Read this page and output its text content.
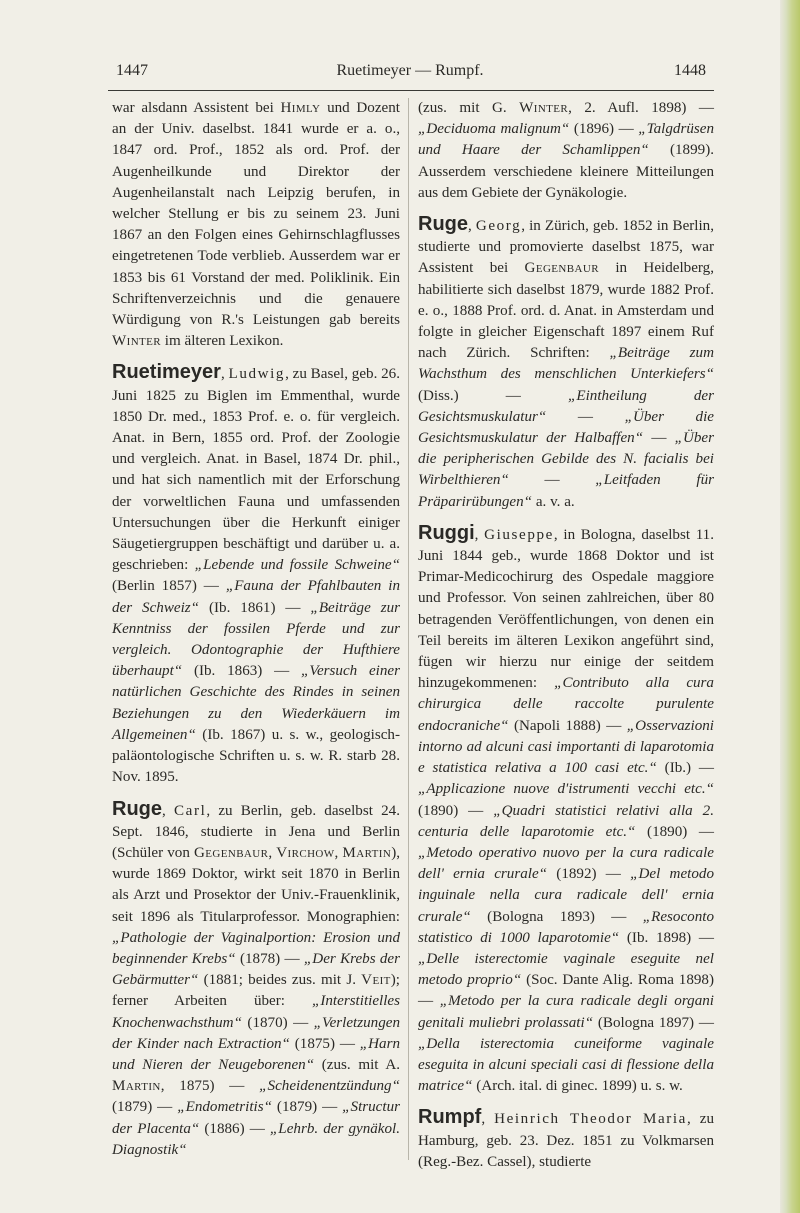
1447	Ruetimeyer — Rumpf.	1448

war alsdann Assistent bei Himly und Dozent an der Univ. daselbst. 1841 wurde er a. o., 1847 ord. Prof., 1852 als ord. Prof. der Augenheilkunde und Direktor der Augenheilanstalt nach Leipzig berufen, in welcher Stellung er bis zu seinem 23. Juni 1867 an den Folgen eines Gehirnschlagflusses eingetretenen Tode verblieb. Ausserdem war er 1853 bis 61 Vorstand der med. Poliklinik. Ein Schriftenverzeichnis und die genauere Würdigung von R.'s Leistungen gab bereits Winter im älteren Lexikon.

Ruetimeyer, Ludwig, zu Basel, geb. 26. Juni 1825 zu Biglen im Emmenthal, wurde 1850 Dr. med., 1853 Prof. e. o. für vergleich. Anat. in Bern, 1855 ord. Prof. der Zoologie und vergleich. Anat. in Basel, 1874 Dr. phil., und hat sich namentlich mit der Erforschung der vorweltlichen Fauna und umfassenden Untersuchungen über die Herkunft einiger Säugetiergruppen beschäftigt und darüber u. a. geschrieben: „Lebende und fossile Schweine“ (Berlin 1857) — „Fauna der Pfahlbauten in der Schweiz“ (Ib. 1861) — „Beiträge zur Kenntniss der fossilen Pferde und zur vergleich. Odontographie der Hufthiere überhaupt“ (Ib. 1863) — „Versuch einer natürlichen Geschichte des Rindes in seinen Beziehungen zu den Wiederkäuern im Allgemeinen“ (Ib. 1867) u. s. w., geologisch-paläontologische Schriften u. s. w. R. starb 28. Nov. 1895.

Ruge, Carl, zu Berlin, geb. daselbst 24. Sept. 1846, studierte in Jena und Berlin (Schüler von Gegenbaur, Virchow, Martin), wurde 1869 Doktor, wirkt seit 1870 in Berlin als Arzt und Prosektor der Univ.-Frauenklinik, seit 1896 als Titularprofessor. Monographien: „Pathologie der Vaginalportion: Erosion und beginnender Krebs“ (1878) — „Der Krebs der Gebärmutter“ (1881; beides zus. mit J. Veit); ferner Arbeiten über: „Interstitielles Knochenwachsthum“ (1870) — „Verletzungen der Kinder nach Extraction“ (1875) — „Harn und Nieren der Neugeborenen“ (zus. mit A. Martin, 1875) — „Scheidenentzündung“ (1879) — „Endometritis“ (1879) — „Structur der Placenta“ (1886) — „Lehrb. der gynäkol. Diagnostik“

(zus. mit G. Winter, 2. Aufl. 1898) — „Deciduoma malignum“ (1896) — „Talgdrüsen und Haare der Schamlippen“ (1899). Ausserdem verschiedene kleinere Mitteilungen aus dem Gebiete der Gynäkologie.

Ruge, Georg, in Zürich, geb. 1852 in Berlin, studierte und promovierte daselbst 1875, war Assistent bei Gegenbaur in Heidelberg, habilitierte sich daselbst 1879, wurde 1882 Prof. e. o., 1888 Prof. ord. d. Anat. in Amsterdam und folgte in gleicher Eigenschaft 1897 einem Ruf nach Zürich. Schriften: „Beiträge zum Wachsthum des menschlichen Unterkiefers“ (Diss.) — „Eintheilung der Gesichtsmuskulatur“ — „Über die Gesichtsmuskulatur der Halbaffen“ — „Über die peripherischen Gebilde des N. facialis bei Wirbelthieren“ — „Leitfaden für Präparirübungen“ a. v. a.

Ruggi, Giuseppe, in Bologna, daselbst 11. Juni 1844 geb., wurde 1868 Doktor und ist Primar-Medicochirurg des Ospedale maggiore und Professor. Von seinen zahlreichen, über 80 betragenden Veröffentlichungen, von denen ein Teil bereits im älteren Lexikon angeführt sind, fügen wir hierzu nur einige der seitdem hinzugekommenen: „Contributo alla cura chirurgica delle raccolte purulente endocraniche“ (Napoli 1888) — „Osservazioni intorno ad alcuni casi importanti di laparotomia e statistica relativa a 100 casi etc.“ (Ib.) — „Applicazione nuove d'istrumenti vecchi etc.“ (1890) — „Quadri statistici relativi alla 2. centuria delle laparotomie etc.“ (1890) — „Metodo operativo nuovo per la cura radicale dell' ernia crurale“ (1892) — „Del metodo inguinale nella cura radicale dell' ernia crurale“ (Bologna 1893) — „Resoconto statistico di 1000 laparotomie“ (Ib. 1898) — „Delle isterectomie vaginale eseguite nel metodo proprio“ (Soc. Dante Alig. Roma 1898) — „Metodo per la cura radicale degli organi genitali muliebri prolassati“ (Bologna 1897) — „Della isterectomia cuneiforme vaginale eseguita in alcuni speciali casi di flessione della matrice“ (Arch. ital. di ginec. 1899) u. s. w.

Rumpf, Heinrich Theodor Maria, zu Hamburg, geb. 23. Dez. 1851 zu Volkmarsen (Reg.-Bez. Cassel), studierte
